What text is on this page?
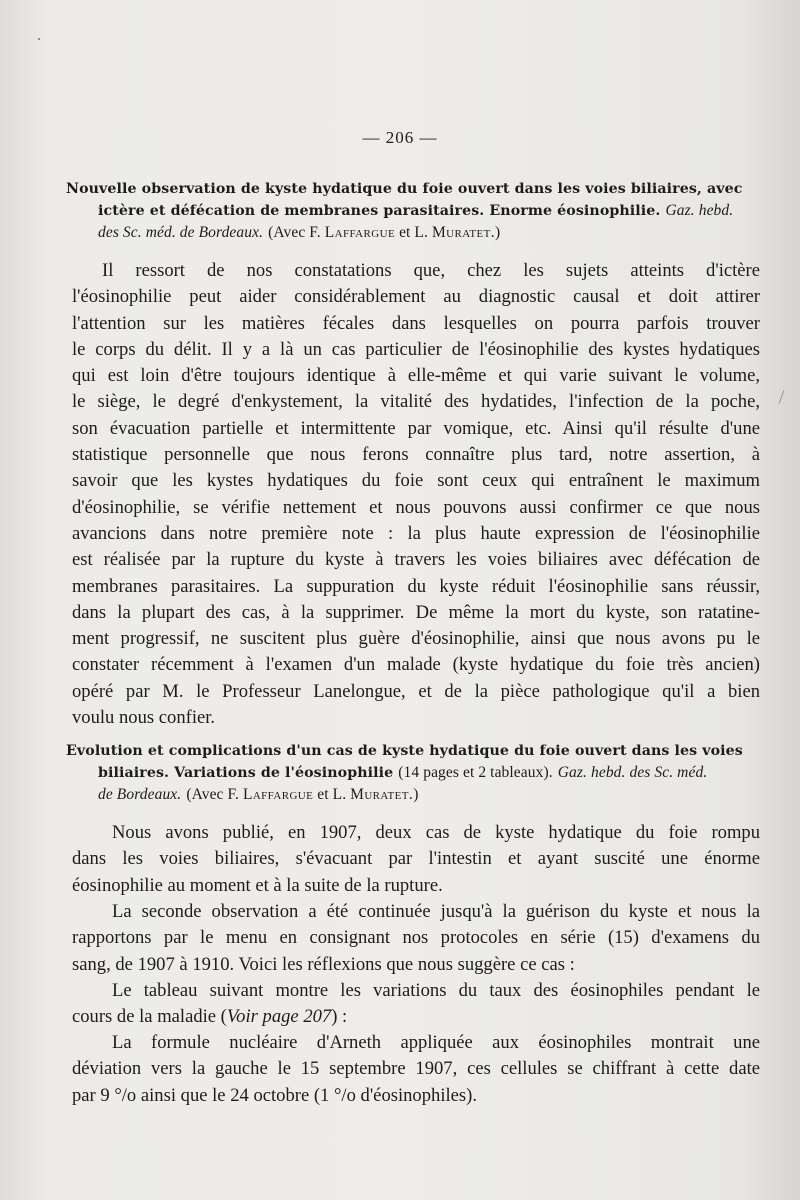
— 206 —
Nouvelle observation de kyste hydatique du foie ouvert dans les voies biliaires, avec
ictère et défécation de membranes parasitaires. Enorme éosinophilie. Gaz. hebd.
des Sc. méd. de Bordeaux. (Avec F. Laffargue et L. Muratet.)
Il ressort de nos constatations que, chez les sujets atteints d'ictère
l'éosinophilie peut aider considérablement au diagnostic causal et doit attirer
l'attention sur les matières fécales dans lesquelles on pourra parfois trouver
le corps du délit. Il y a là un cas particulier de l'éosinophilie des kystes hydatiques
qui est loin d'être toujours identique à elle-même et qui varie suivant le volume,
le siège, le degré d'enkystement, la vitalité des hydatides, l'infection de la poche,
son évacuation partielle et intermittente par vomique, etc. Ainsi qu'il résulte d'une
statistique personnelle que nous ferons connaître plus tard, notre assertion, à
savoir que les kystes hydatiques du foie sont ceux qui entraînent le maximum
d'éosinophilie, se vérifie nettement et nous pouvons aussi confirmer ce que nous
avancions dans notre première note : la plus haute expression de l'éosinophilie
est réalisée par la rupture du kyste à travers les voies biliaires avec défécation de
membranes parasitaires. La suppuration du kyste réduit l'éosinophilie sans réussir,
dans la plupart des cas, à la supprimer. De même la mort du kyste, son ratatine-
ment progressif, ne suscitent plus guère d'éosinophilie, ainsi que nous avons pu le
constater récemment à l'examen d'un malade (kyste hydatique du foie très ancien)
opéré par M. le Professeur Lanelongue, et de la pièce pathologique qu'il a bien
voulu nous confier.
Evolution et complications d'un cas de kyste hydatique du foie ouvert dans les voies
biliaires. Variations de l'éosinophilie (14 pages et 2 tableaux). Gaz. hebd. des Sc. méd.
de Bordeaux. (Avec F. Laffargue et L. Muratet.)
Nous avons publié, en 1907, deux cas de kyste hydatique du foie rompu
dans les voies biliaires, s'évacuant par l'intestin et ayant suscité une énorme
éosinophilie au moment et à la suite de la rupture.
La seconde observation a été continuée jusqu'à la guérison du kyste et nous la
rapportons par le menu en consignant nos protocoles en série (15) d'examens du
sang, de 1907 à 1910. Voici les réflexions que nous suggère ce cas :
Le tableau suivant montre les variations du taux des éosinophiles pendant le
cours de la maladie (Voir page 207) :
La formule nucléaire d'Arneth appliquée aux éosinophiles montrait une
déviation vers la gauche le 15 septembre 1907, ces cellules se chiffrant à cette date
par 9 °/o ainsi que le 24 octobre (1 °/o d'éosinophiles).
